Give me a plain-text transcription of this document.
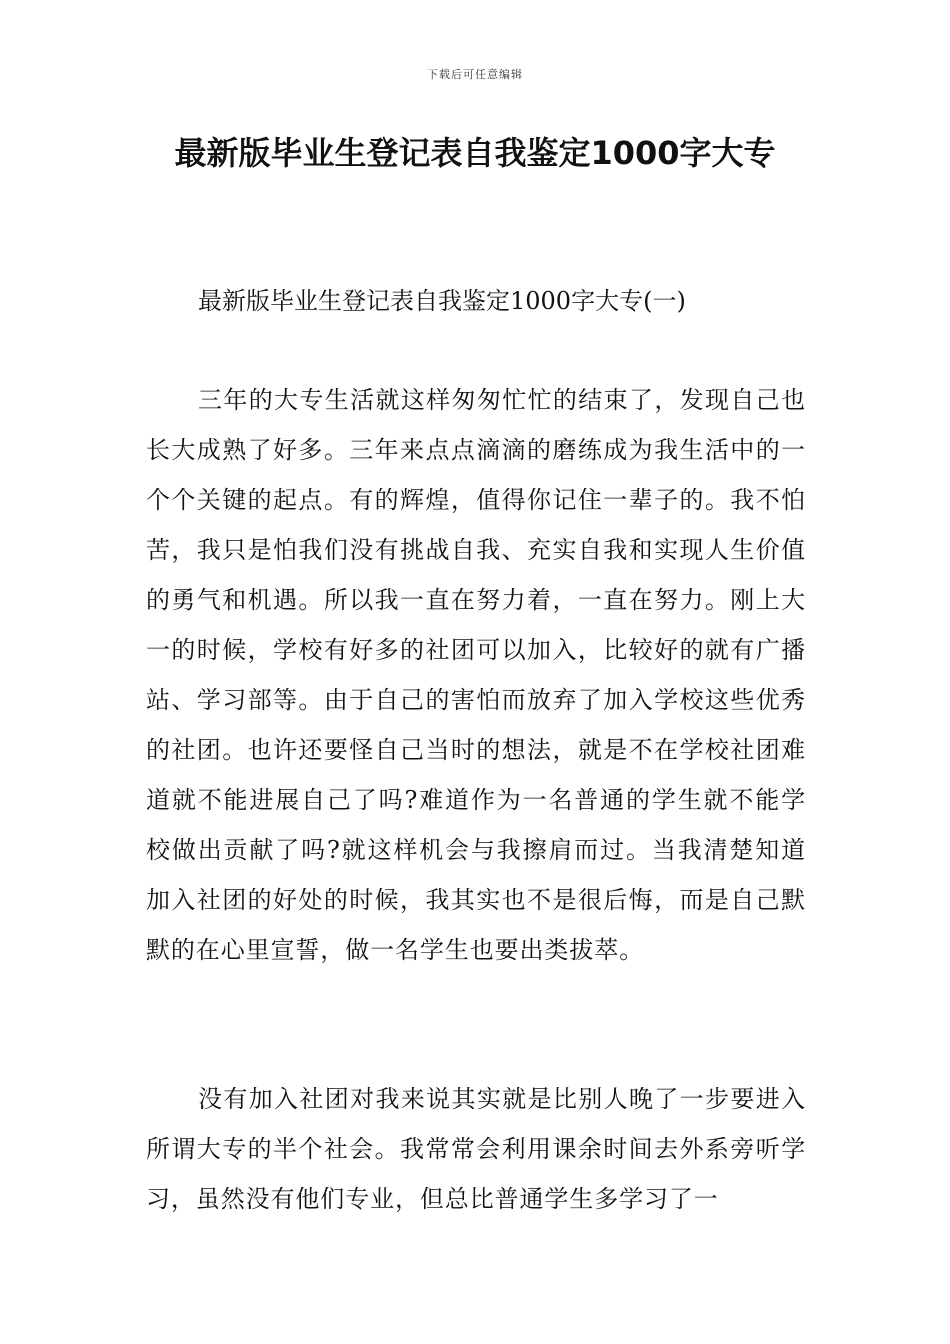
下载后可任意编辑
最新版毕业生登记表自我鉴定1000字大专

最新版毕业生登记表自我鉴定1000字大专(一)

三年的大专生活就这样匆匆忙忙的结束了，发现自己也长大成熟了好多。三年来点点滴滴的磨练成为我生活中的一个个关键的起点。有的辉煌，值得你记住一辈子的。我不怕苦，我只是怕我们没有挑战自我、充实自我和实现人生价值的勇气和机遇。所以我一直在努力着，一直在努力。刚上大一的时候，学校有好多的社团可以加入，比较好的就有广播站、学习部等。由于自己的害怕而放弃了加入学校这些优秀的社团。也许还要怪自己当时的想法，就是不在学校社团难道就不能进展自己了吗?难道作为一名普通的学生就不能学校做出贡献了吗?就这样机会与我擦肩而过。当我清楚知道加入社团的好处的时候，我其实也不是很后悔，而是自己默默的在心里宣誓，做一名学生也要出类拔萃。

没有加入社团对我来说其实就是比别人晚了一步要进入所谓大专的半个社会。我常常会利用课余时间去外系旁听学习，虽然没有他们专业，但总比普通学生多学习了一
